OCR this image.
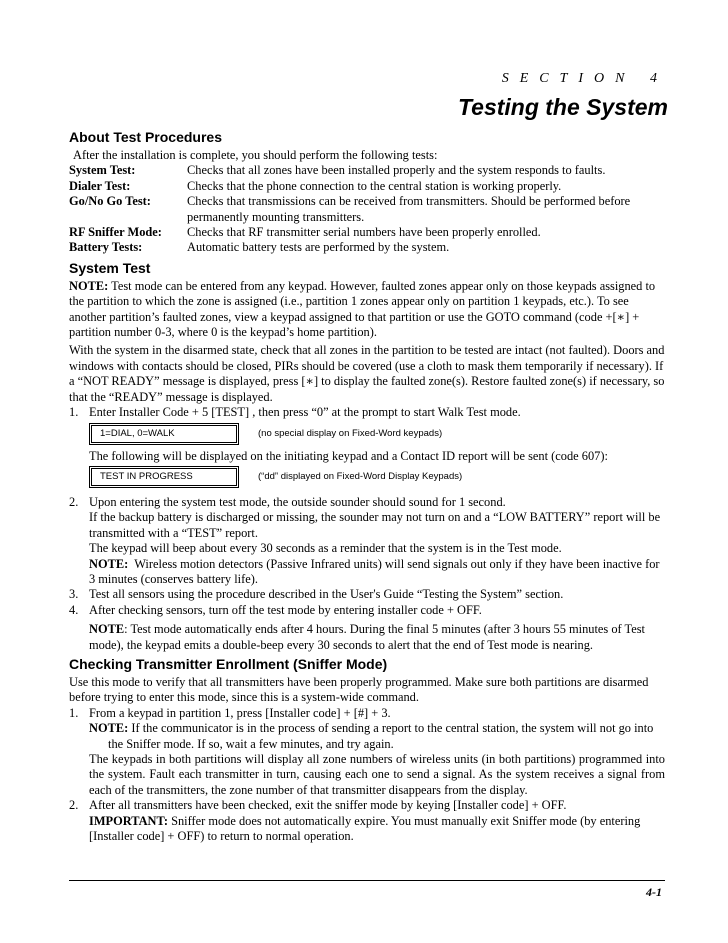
SECTION 4
Testing the System
About Test Procedures

After the installation is complete, you should perform the following tests:

System Test:	Checks that all zones have been installed properly and the system responds to faults.
Dialer Test:	Checks that the phone connection to the central station is working properly.
Go/No Go Test:	Checks that transmissions can be received from transmitters. Should be performed before permanently mounting transmitters.
RF Sniffer Mode:	Checks that RF transmitter serial numbers have been properly enrolled.
Battery Tests:	Automatic battery tests are performed by the system.
System Test

NOTE: Test mode can be entered from any keypad. However, faulted zones appear only on those keypads assigned to the partition to which the zone is assigned (i.e., partition 1 zones appear only on partition 1 keypads, etc.). To see another partition’s faulted zones, view a keypad assigned to that partition or use the GOTO command (code +[∗] + partition number 0-3, where 0 is the keypad’s home partition).

With the system in the disarmed state, check that all zones in the partition to be tested are intact (not faulted). Doors and windows with contacts should be closed, PIRs should be covered (use a cloth to mask them temporarily if necessary). If a “NOT READY” message is displayed, press [∗] to display the faulted zone(s). Restore faulted zone(s) if necessary, so that the “READY” message is displayed.

1. Enter Installer Code + 5 [TEST] , then press “0” at the prompt to start Walk Test mode.
1=DIAL, 0=WALK	(no special display on Fixed-Word keypads)

The following will be displayed on the initiating keypad and a Contact ID report will be sent (code 607):

TEST IN PROGRESS	(“dd” displayed on Fixed-Word Display Keypads)
2. Upon entering the system test mode, the outside sounder should sound for 1 second.

If the backup battery is discharged or missing, the sounder may not turn on and a “LOW BATTERY” report will be transmitted with a “TEST” report.

The keypad will beep about every 30 seconds as a reminder that the system is in the Test mode.

NOTE: Wireless motion detectors (Passive Infrared units) will send signals out only if they have been inactive for 3 minutes (conserves battery life).

3. Test all sensors using the procedure described in the User's Guide “Testing the System” section.
4. After checking sensors, turn off the test mode by entering installer code + OFF.

NOTE: Test mode automatically ends after 4 hours. During the final 5 minutes (after 3 hours 55 minutes of Test mode), the keypad emits a double-beep every 30 seconds to alert that the end of Test mode is nearing.

Checking Transmitter Enrollment (Sniffer Mode)

Use this mode to verify that all transmitters have been properly programmed. Make sure both partitions are disarmed before trying to enter this mode, since this is a system-wide command.

1. From a keypad in partition 1, press [Installer code] + [#] + 3.

NOTE: If the communicator is in the process of sending a report to the central station, the system will not go into the Sniffer mode. If so, wait a few minutes, and try again.

The keypads in both partitions will display all zone numbers of wireless units (in both partitions) programmed into the system. Fault each transmitter in turn, causing each one to send a signal. As the system receives a signal from each of the transmitters, the zone number of that transmitter disappears from the display.

2. After all transmitters have been checked, exit the sniffer mode by keying [Installer code] + OFF.

IMPORTANT: Sniffer mode does not automatically expire. You must manually exit Sniffer mode (by entering [Installer code] + OFF) to return to normal operation.

4-1
